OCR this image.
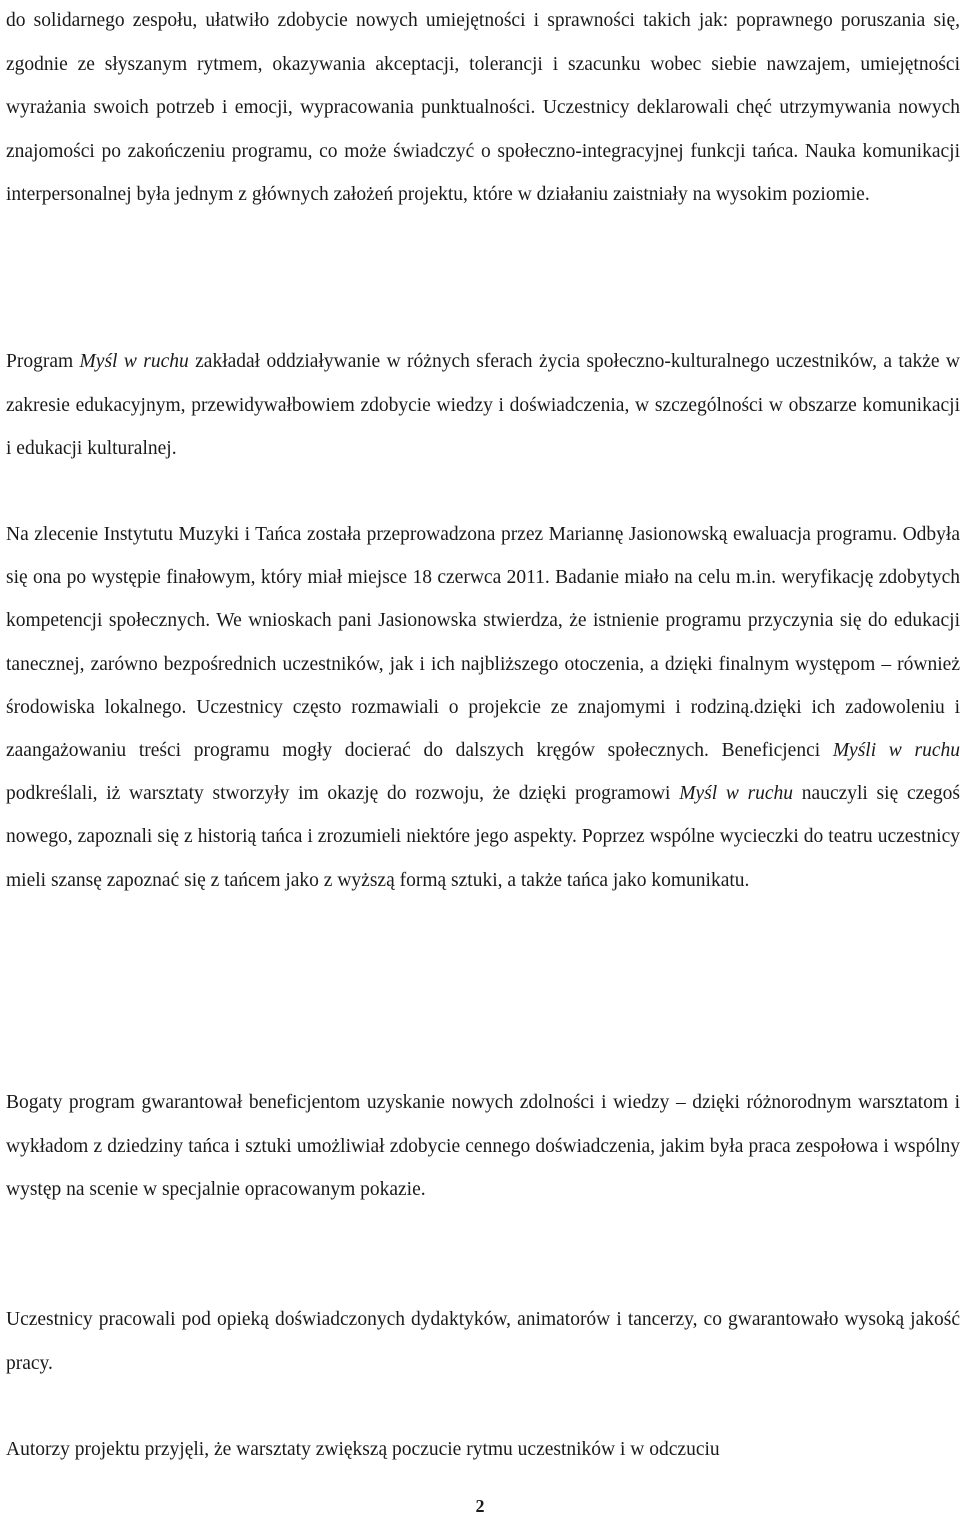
do solidarnego zespołu, ułatwiło zdobycie nowych umiejętności i sprawności takich jak: poprawnego poruszania się, zgodnie ze słyszanym rytmem, okazywania akceptacji, tolerancji i szacunku wobec siebie nawzajem, umiejętności wyrażania swoich potrzeb i emocji, wypracowania punktualności. Uczestnicy deklarowali chęć utrzymywania nowych znajomości po zakończeniu programu, co może świadczyć o społeczno-integracyjnej funkcji tańca. Nauka komunikacji interpersonalnej była jednym z głównych założeń projektu, które w działaniu zaistniały na wysokim poziomie.

Program Myśl w ruchu zakładał oddziaływanie w różnych sferach życia społeczno-kulturalnego uczestników, a także w zakresie edukacyjnym, przewidywałbowiem zdobycie wiedzy i doświadczenia, w szczególności w obszarze komunikacji i edukacji kulturalnej.

Na zlecenie Instytutu Muzyki i Tańca została przeprowadzona przez Mariannę Jasionowską ewaluacja programu. Odbyła się ona po występie finałowym, który miał miejsce 18 czerwca 2011. Badanie miało na celu m.in. weryfikację zdobytych kompetencji społecznych. We wnioskach pani Jasionowska stwierdza, że istnienie programu przyczynia się do edukacji tanecznej, zarówno bezpośrednich uczestników, jak i ich najbliższego otoczenia, a dzięki finalnym występom – również środowiska lokalnego. Uczestnicy często rozmawiali o projekcie ze znajomymi i rodziną.dzięki ich zadowoleniu i zaangażowaniu treści programu mogły docierać do dalszych kręgów społecznych. Beneficjenci Myśli w ruchu podkreślali, iż warsztaty stworzyły im okazję do rozwoju, że dzięki programowi Myśl w ruchu nauczyli się czegoś nowego, zapoznali się z historią tańca i zrozumieli niektóre jego aspekty. Poprzez wspólne wycieczki do teatru uczestnicy mieli szansę zapoznać się z tańcem jako z wyższą formą sztuki, a także tańca jako komunikatu.

Bogaty program gwarantował beneficjentom uzyskanie nowych zdolności i wiedzy – dzięki różnorodnym warsztatom i wykładom z dziedziny tańca i sztuki umożliwiał zdobycie cennego doświadczenia, jakim była praca zespołowa i wspólny występ na scenie w specjalnie opracowanym pokazie.

Uczestnicy pracowali pod opieką doświadczonych dydaktyków, animatorów i tancerzy, co gwarantowało wysoką jakość pracy.

Autorzy projektu przyjęli, że warsztaty zwiększą poczucie rytmu uczestników i w odczuciu

2
